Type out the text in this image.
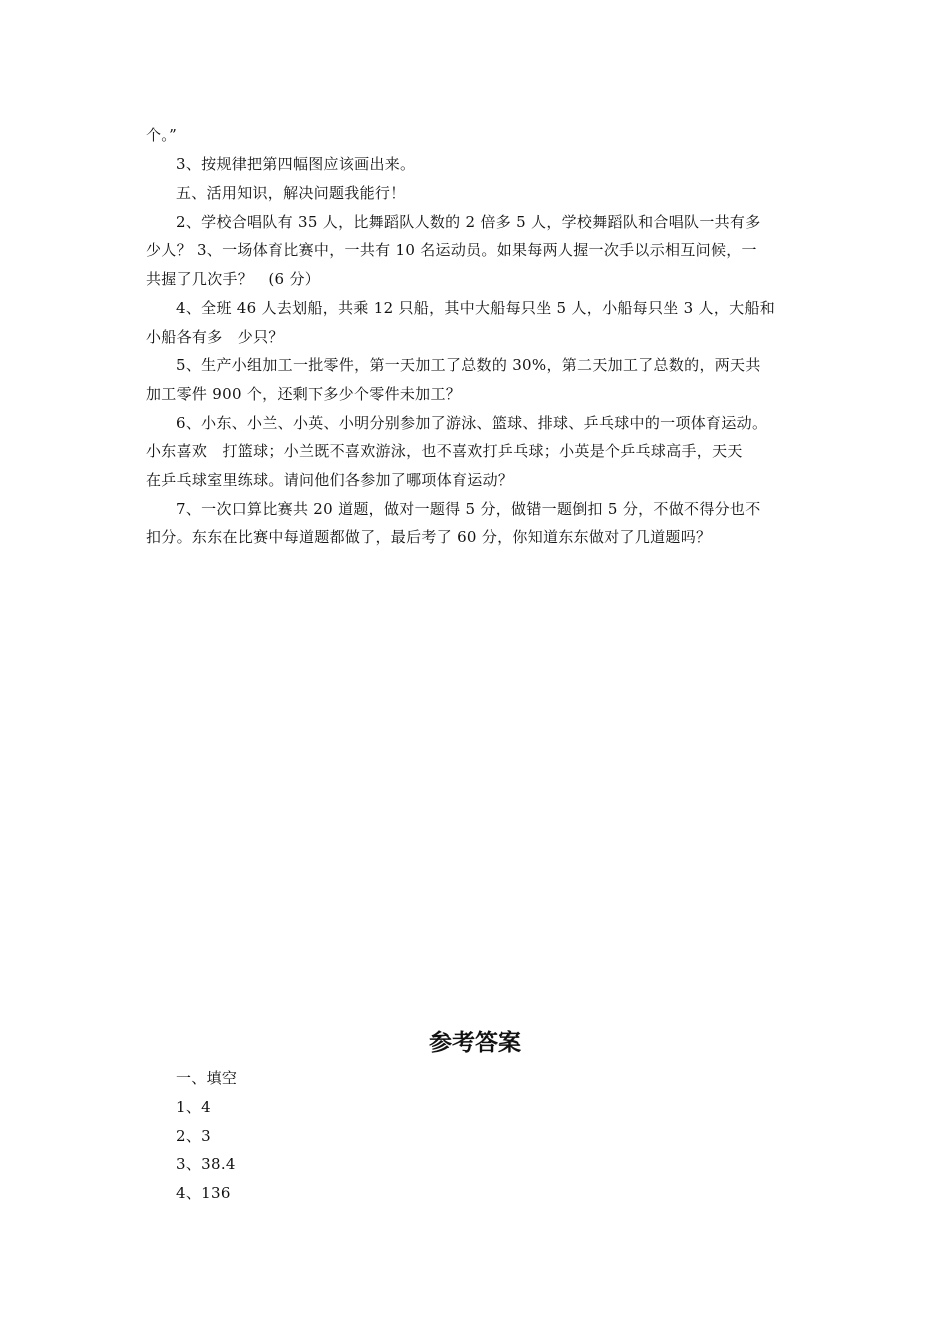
个。”
3、按规律把第四幅图应该画出来。
五、活用知识，解决问题我能行！
2、学校合唱队有 35 人，比舞蹈队人数的 2 倍多 5 人，学校舞蹈队和合唱队一共有多
少人？ 3、一场体育比赛中，一共有 10 名运动员。如果每两人握一次手以示相互问候，一
共握了几次手？　(6 分）
4、全班 46 人去划船，共乘 12 只船，其中大船每只坐 5 人，小船每只坐 3 人，大船和
小船各有多　少只？
5、生产小组加工一批零件，第一天加工了总数的 30%，第二天加工了总数的，两天共
加工零件 900 个，还剩下多少个零件未加工？
6、小东、小兰、小英、小明分别参加了游泳、篮球、排球、乒乓球中的一项体育运动。
小东喜欢　打篮球；小兰既不喜欢游泳，也不喜欢打乒乓球；小英是个乒乓球高手，天天
在乒乓球室里练球。请问他们各参加了哪项体育运动？
7、一次口算比赛共 20 道题，做对一题得 5 分，做错一题倒扣 5 分，不做不得分也不
扣分。东东在比赛中每道题都做了，最后考了 60 分，你知道东东做对了几道题吗？
参考答案
一、填空
1、4
2、3
3、38.4
4、136
